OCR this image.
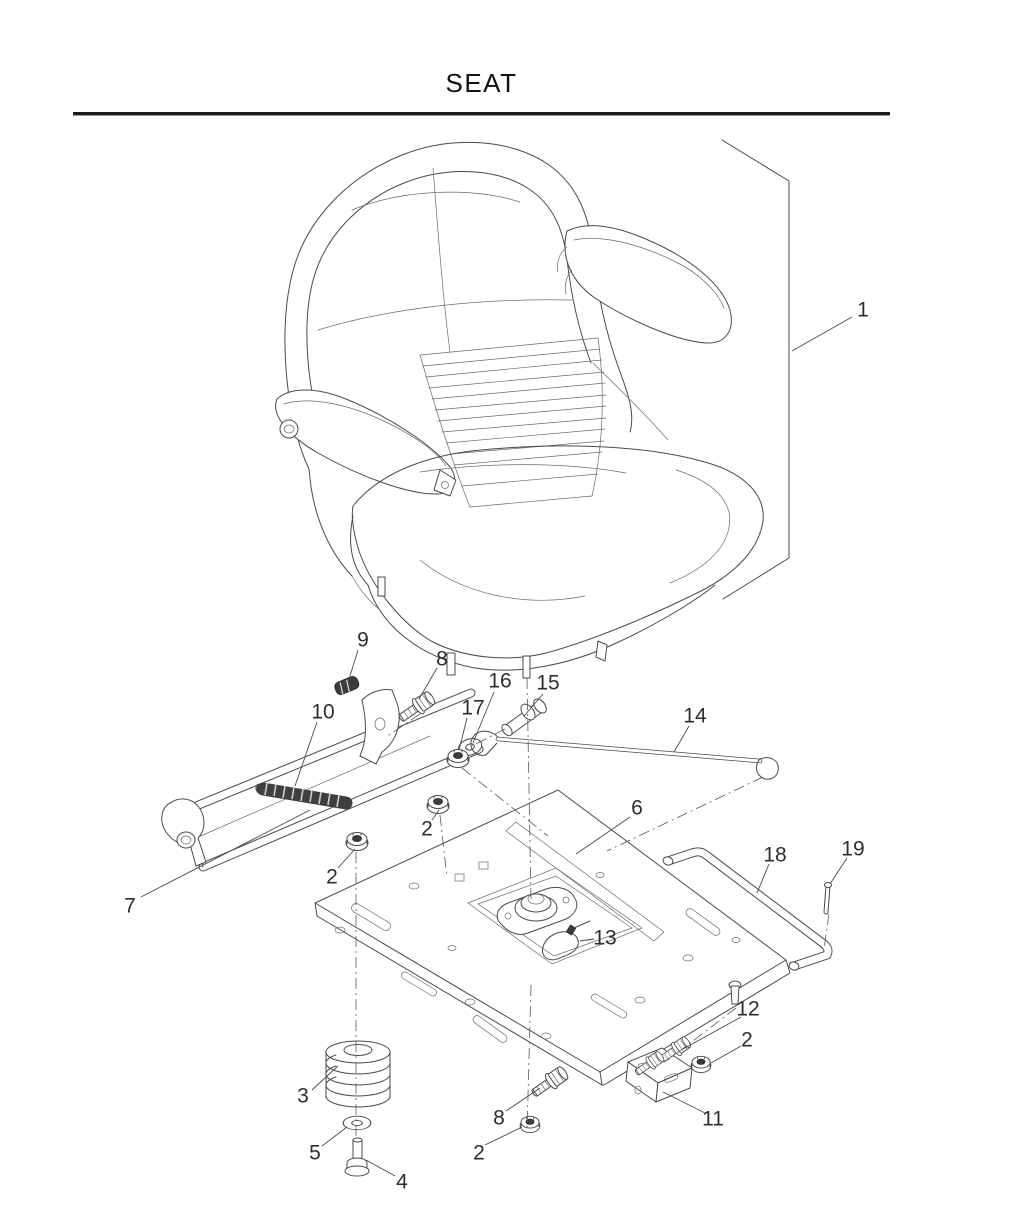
SEAT
1
9
8
16 15
17
10	14
6
2
18	19
2
7
13
12
2
3
8	11
5	2
4
